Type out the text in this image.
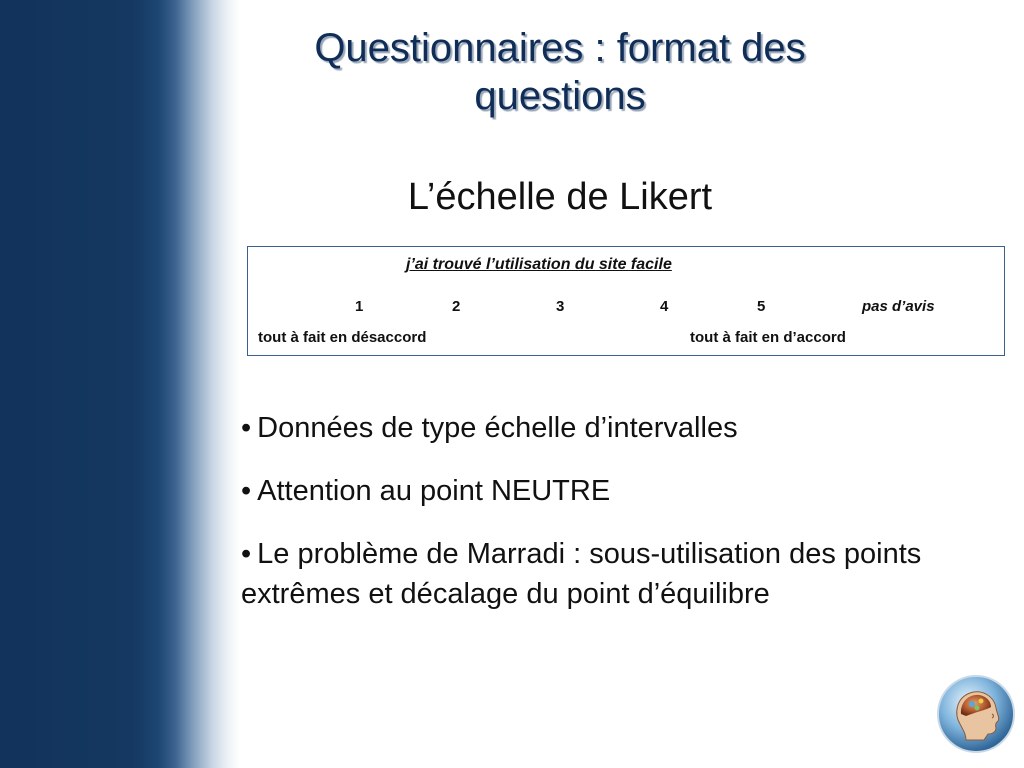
Questionnaires : format des questions
L’échelle de Likert
j’ai trouvé l’utilisation du site facile
1	2	3	4	5	pas d’avis
tout à fait en désaccord	tout à fait en d’accord
• Données de type échelle d’intervalles
• Attention au point NEUTRE
• Le problème de Marradi : sous-utilisation des points extrêmes et décalage du point d’équilibre
